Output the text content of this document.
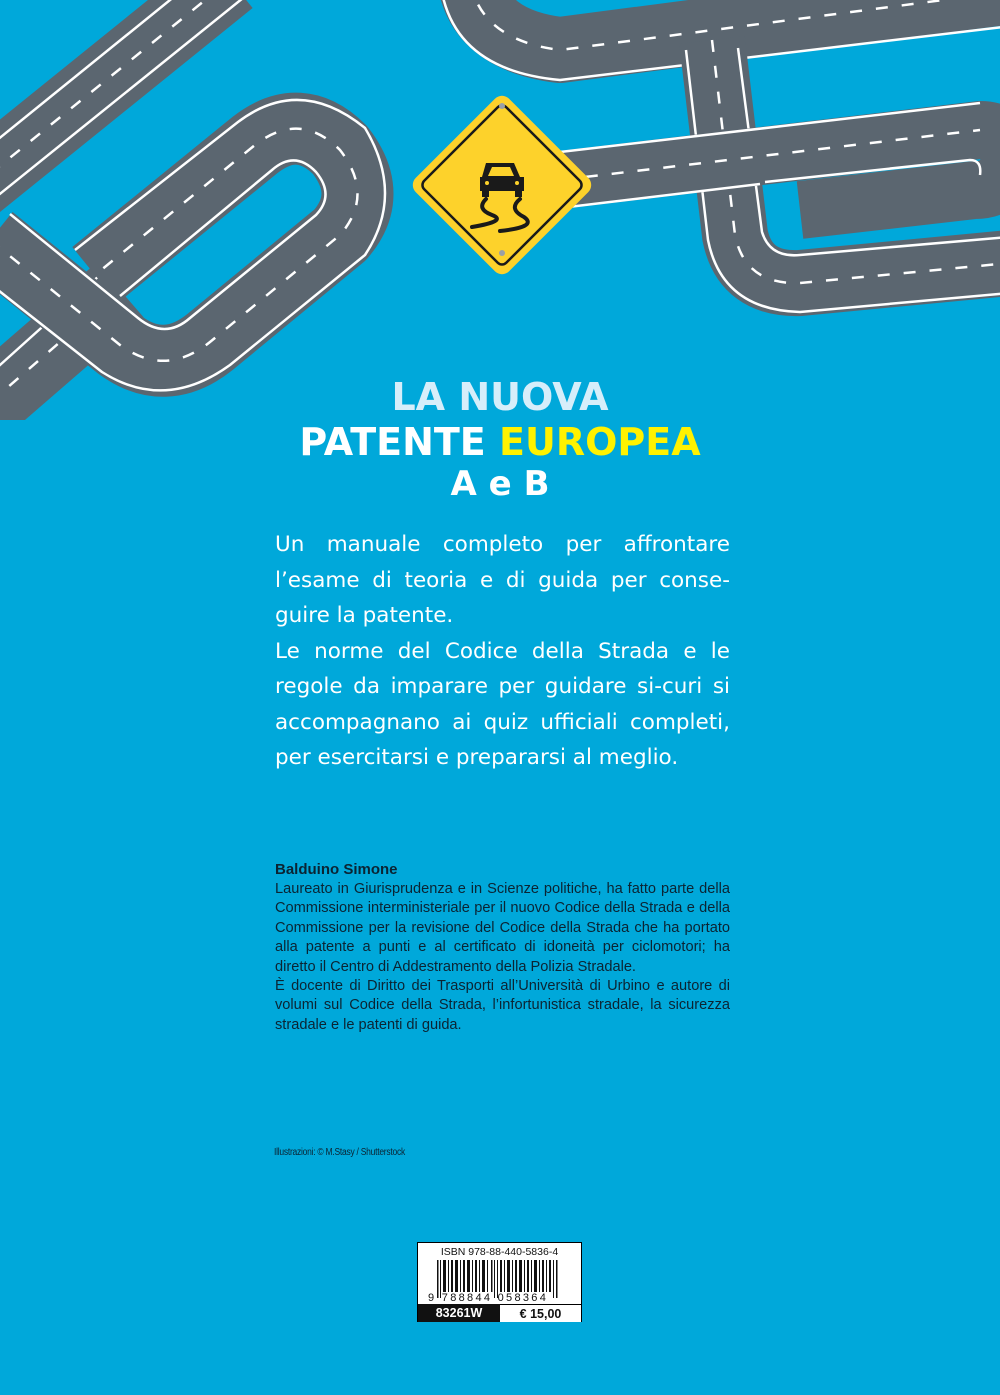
LA NUOVA
PATENTE EUROPEA
A e B

Un manuale completo per affrontare l’esame di teoria e di guida per conse-guire la patente.

Le norme del Codice della Strada e le regole da imparare per guidare si-curi si accompagnano ai quiz ufficiali completi, per esercitarsi e prepararsi al meglio.

Balduino Simone

Laureato in Giurisprudenza e in Scienze politiche, ha fatto parte della Commissione interministeriale per il nuovo Codice della Strada e della Commissione per la revisione del Codice della Strada che ha portato alla patente a punti e al certificato di idoneità per ciclomotori; ha diretto il Centro di Addestramento della Polizia Stradale.

È docente di Diritto dei Trasporti all’Università di Urbino e autore di volumi sul Codice della Strada, l’infortunistica stradale, la sicurezza stradale e le patenti di guida.

Illustrazioni: © M.Stasy / Shutterstock
ISBN 978-88-440-5836-4
9 788844 058364
83261W	€ 15,00
